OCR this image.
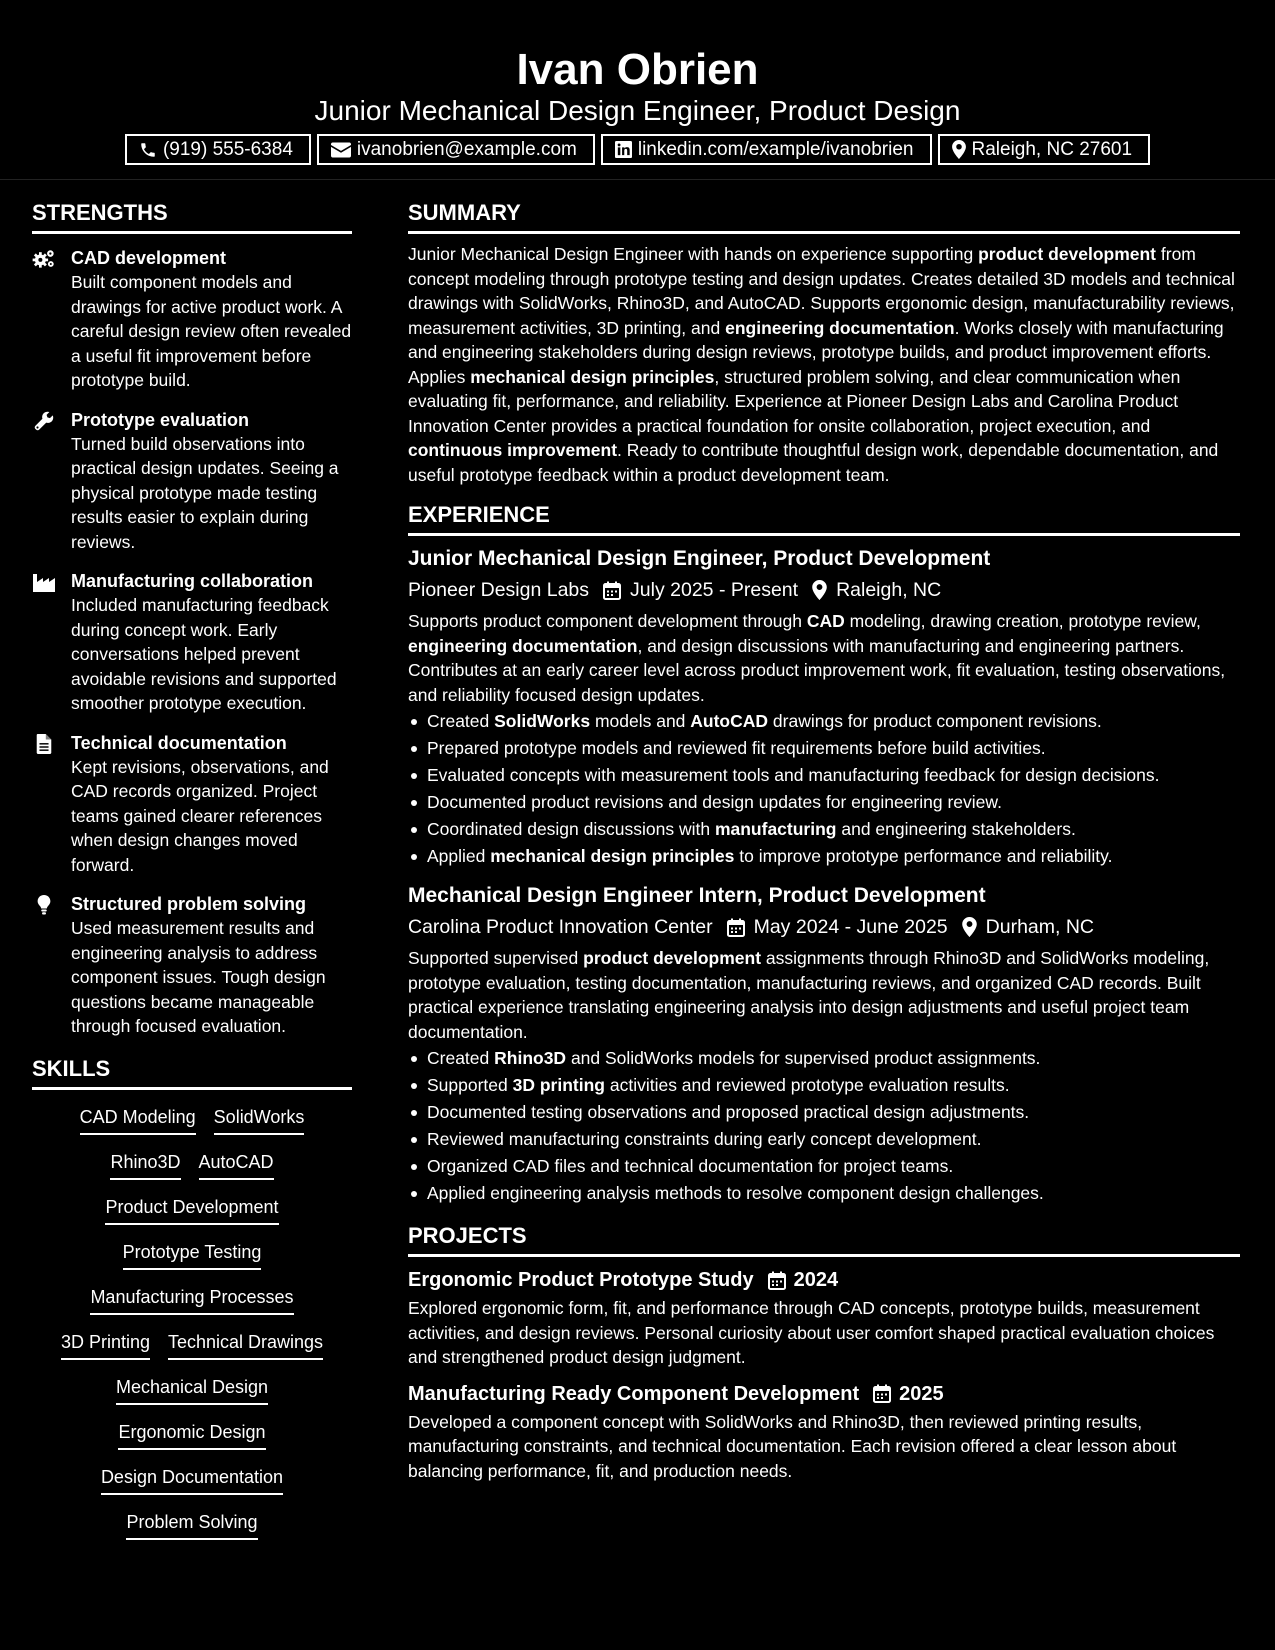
Ivan Obrien
Junior Mechanical Design Engineer, Product Design
(919) 555-6384	ivanobrien@example.com	linkedin.com/example/ivanobrien	Raleigh, NC 27601
STRENGTHS
CAD development
Built component models and drawings for active product work. A careful design review often revealed a useful fit improvement before prototype build.
Prototype evaluation
Turned build observations into practical design updates. Seeing a physical prototype made testing results easier to explain during reviews.
Manufacturing collaboration
Included manufacturing feedback during concept work. Early conversations helped prevent avoidable revisions and supported smoother prototype execution.
Technical documentation
Kept revisions, observations, and CAD records organized. Project teams gained clearer references when design changes moved forward.
Structured problem solving
Used measurement results and engineering analysis to address component issues. Tough design questions became manageable through focused evaluation.
SKILLS
CAD Modeling SolidWorks
Rhino3D AutoCAD
Product Development
Prototype Testing
Manufacturing Processes
3D Printing Technical Drawings
Mechanical Design
Ergonomic Design
Design Documentation
Problem Solving
SUMMARY
Junior Mechanical Design Engineer with hands on experience supporting product development from concept modeling through prototype testing and design updates. Creates detailed 3D models and technical drawings with SolidWorks, Rhino3D, and AutoCAD. Supports ergonomic design, manufacturability reviews, measurement activities, 3D printing, and engineering documentation. Works closely with manufacturing and engineering stakeholders during design reviews, prototype builds, and product improvement efforts. Applies mechanical design principles, structured problem solving, and clear communication when evaluating fit, performance, and reliability. Experience at Pioneer Design Labs and Carolina Product Innovation Center provides a practical foundation for onsite collaboration, project execution, and continuous improvement. Ready to contribute thoughtful design work, dependable documentation, and useful prototype feedback within a product development team.
EXPERIENCE
Junior Mechanical Design Engineer, Product Development
Pioneer Design Labs July 2025 - Present Raleigh, NC
Supports product component development through CAD modeling, drawing creation, prototype review, engineering documentation, and design discussions with manufacturing and engineering partners. Contributes at an early career level across product improvement work, fit evaluation, testing observations, and reliability focused design updates.
Created SolidWorks models and AutoCAD drawings for product component revisions.
Prepared prototype models and reviewed fit requirements before build activities.
Evaluated concepts with measurement tools and manufacturing feedback for design decisions.
Documented product revisions and design updates for engineering review.
Coordinated design discussions with manufacturing and engineering stakeholders.
Applied mechanical design principles to improve prototype performance and reliability.
Mechanical Design Engineer Intern, Product Development
Carolina Product Innovation Center May 2024 - June 2025 Durham, NC
Supported supervised product development assignments through Rhino3D and SolidWorks modeling, prototype evaluation, testing documentation, manufacturing reviews, and organized CAD records. Built practical experience translating engineering analysis into design adjustments and useful project team documentation.
Created Rhino3D and SolidWorks models for supervised product assignments.
Supported 3D printing activities and reviewed prototype evaluation results.
Documented testing observations and proposed practical design adjustments.
Reviewed manufacturing constraints during early concept development.
Organized CAD files and technical documentation for project teams.
Applied engineering analysis methods to resolve component design challenges.
PROJECTS
Ergonomic Product Prototype Study 2024
Explored ergonomic form, fit, and performance through CAD concepts, prototype builds, measurement activities, and design reviews. Personal curiosity about user comfort shaped practical evaluation choices and strengthened product design judgment.
Manufacturing Ready Component Development 2025
Developed a component concept with SolidWorks and Rhino3D, then reviewed printing results, manufacturing constraints, and technical documentation. Each revision offered a clear lesson about balancing performance, fit, and production needs.
